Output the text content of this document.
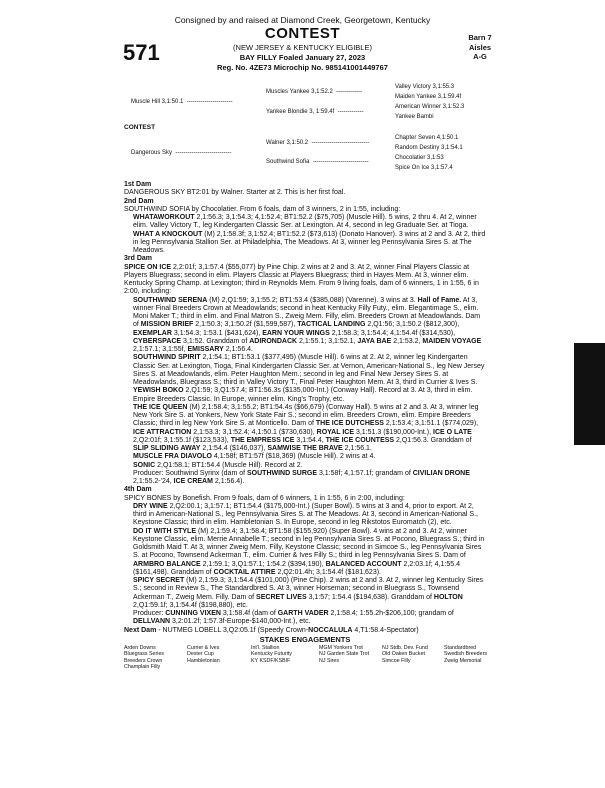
Consigned by and raised at Diamond Creek, Georgetown, Kentucky
CONTEST
571	(NEW JERSEY & KENTUCKY ELIGIBLE)
BAY FILLY Foaled January 27, 2023
Reg. No. 4ZE73 Microchip No. 985141001449767
Barn 7
Aisles
A-G
Muscle Hill 3,1:50.1  -----------------------
Muscles Yankee 3,1:52.2  -------------
Yankee Blondie 3, 1:59.4f  -------------
Valley Victory 3,1:55.3
Maiden Yankee 3,1:59.4f
American Winner 3,1:52.3
Yankee Bambi
CONTEST
Dangerous Sky  ----------------------------
Walner 3,1:50.2  -----------------------------
Southwind Sofia  ----------------------------
Chapter Seven 4,1:50.1
Random Destiny 3,1:54.1
Chocolatier 3,1:53
Spice On Ice 3,1:57.4

1st Dam

DANGEROUS SKY BT2:01 by Walner. Starter at 2. This is her first foal.

2nd Dam

SOUTHWIND SOFIA by Chocolatier. From 6 foals, dam of 3 winners, 2 in 1:55, including:

WHATAWORKOUT 2,1:56.3; 3,1:54.3; 4,1:52.4; BT1:52.2 ($75,705) (Muscle Hill). 5 wins, 2 thru 4. At 2, winner elim. Valley Victory T., leg Kindergarten Classic Ser. at Lexington. At 4, second in leg Graduate Ser. at Tioga.

WHAT A KNOCKOUT (M) 2,1:58.3f; 3,1:52.4; BT1:52.2 ($73,613) (Donato Hanover). 3 wins at 2 and 3. At 2, third in leg Pennsylvania Stallion Ser. at Philadelphia, The Meadows. At 3, winner leg Pennsylvania Sires S. at The Meadows.

3rd Dam

SPICE ON ICE 2,2:01f; 3,1:57.4 ($55,077) by Pine Chip. 2 wins at 2 and 3. At 2, winner Final Players Classic at Players Bluegrass; second in elim. Players Classic at Players Bluegrass; third in Hayes Mem. At 3, winner elim. Kentucky Spring Champ. at Lexington; third in Reynolds Mem. From 9 living foals, dam of 6 winners, 1 in 1:55, 6 in 2:00, including:

SOUTHWIND SERENA (M) 2,Q1:59; 3,1:55.2; BT1:53.4 ($385,088) (Varenne). 3 wins at 3. Hall of Fame. At 3, winner Final Breeders Crown at Meadowlands; second in heat Kentucky Filly Futy., elim. Elegantimage S., elim. Moni Maker T.; third in elim. and Final Matron S., Zweig Mem. Filly, elim. Breeders Crown at Meadowlands. Dam of MISSION BRIEF 2,1:50.3; 3,1:50.2f ($1,599,587), TACTICAL LANDING 2,Q1:56; 3,1:50.2 ($812,300), EXEMPLAR 3,1:54.3; 1:53.1 ($431,624), EARN YOUR WINGS 2,1:58.3; 3,1:54.4; 4,1:54.4f ($314,530), CYBERSPACE 3,1:52. Granddam of ADIRONDACK 2,1:55.1; 3,1:52.1, JAYA BAE 2,1:53.2, MAIDEN VOYAGE 2,1:57.1; 3,1:55f, EMISSARY 2,1:56.4.

SOUTHWIND SPIRIT 2,1:54.1; BT1:53.1 ($377,495) (Muscle Hill). 6 wins at 2. At 2, winner leg Kindergarten Classic Ser. at Lexington, Tioga, Final Kindergarten Classic Ser. at Vernon, American-National S., leg New Jersey Sires S. at Meadowlands, elim. Peter Haughton Mem.; second in leg and Final New Jersey Sires S. at Meadowlands, Bluegrass S.; third in Valley Victory T., Final Peter Haughton Mem. At 3, third in Currier & Ives S.

YEWISH BOKO 2,Q1:59; 3,Q1:57.4; BT1:56.3s ($135,000-Int.) (Conway Hall). Record at 3. At 3, third in elim. Empire Breeders Classic. In Europe, winner elim. King's Trophy, etc.

THE ICE QUEEN (M) 2,1:58.4; 3,1:55.2; BT1:54.4s ($66,679) (Conway Hall). 5 wins at 2 and 3. At 3, winner leg New York Sire S. at Yonkers, New York State Fair S.; second in elim. Breeders Crown, elim. Empire Breeders Classic; third in leg New York Sire S. at Monticello. Dam of THE ICE DUTCHESS 2,1:53.4; 3,1:51.1 ($774,029), ICE ATTRACTION 2,1:53.3; 3,1:52.4; 4,1:50.1 ($730,630), ROYAL ICE 3,1:51.3 ($190,000-Int.), ICE O LATE 2,Q2:01f; 3,1:55.1f ($123,533), THE EMPRESS ICE 3,1:54.4, THE ICE COUNTESS 2,Q1:56.3. Granddam of SLIP SLIDING AWAY 2,1:54.4 ($146,037), SAMWISE THE BRAVE 2,1:56.1.

MUSCLE FRA DIAVOLO 4,1:58f; BT1:57f ($18,369) (Muscle Hill). 2 wins at 4.

SONIC 2,Q1:58.1; BT1:54.4 (Muscle Hill). Record at 2.

Producer: Southwind Syrinx (dam of SOUTHWIND SURGE 3,1:58f; 4,1:57.1f; grandam of CIVILIAN DRONE 2,1:55.2-'24, ICE CREAM 2,1:56.4).

4th Dam

SPICY BONES by Bonefish. From 9 foals, dam of 6 winners, 1 in 1:55, 6 in 2:00, including:

DRY WINE 2,Q2:00.1; 3,1:57.1; BT1:54.4 ($175,000-Int.) (Super Bowl). 5 wins at 3 and 4, prior to export. At 2, third in American-National S., leg Pennsylvania Sires S. at The Meadows. At 3, second in American-National S., Keystone Classic; third in elim. Hambletonian S. In Europe, second in leg Rikstotos Euromatch (2), etc.

DO IT WITH STYLE (M) 2,1:59.4; 3,1:58.4; BT1:58 ($155,920) (Super Bowl). 4 wins at 2 and 3. At 2, winner Keystone Classic, elim. Merrie Annabelle T.; second in leg Pennsylvania Sires S. at Pocono, Bluegrass S.; third in Goldsmith Maid T. At 3, winner Zweig Mem. Filly, Keystone Classic; second in Simcoe S., leg Pennsylvania Sires S. at Pocono, Townsend Ackerman T., elim. Currier & Ives Filly S.; third in leg Pennsylvania Sires S. Dam of ARMBRO BALANCE 2,1:59.1; 3,Q1:57.1; 1:54.2 ($394,190), BALANCED ACCOUNT 2,2:03.1f; 4,1:55.4 ($161,498). Granddam of COCKTAIL ATTIRE 2,Q2:01.4h; 3,1:54.4f ($181,623).

SPICY SECRET (M) 2,1:59.3; 3,1:54.4 ($101,000) (Pine Chip). 2 wins at 2 and 3. At 2, winner leg Kentucky Sires S.; second in Review S., The Standardbred S. At 3, winner Horseman; second in Bluegrass S., Townsend Ackerman T., Zweig Mem. Filly. Dam of SECRET LIVES 3,1:57; 1:54.4 ($194,638). Granddam of HOLTON 2,Q1:59.1f; 3,1:54.4f ($198,880), etc.

Producer: CUNNING VIXEN 3,1:58.4f (dam of GARTH VADER 2,1:58.4; 1:55.2h-$206,100; grandam of DELLVANN 3,2:01.2f; 1:57.3f-Europe-$140,000-Int.), etc.

Next Dam - NUTMEG LOBELL 3,Q2:05.1f (Speedy Crown-NOCCALULA 4,T1:58.4-Spectator)

STAKES ENGAGEMENTS
Arden Downs	Currier & Ives	Int'l. Stallion	MGM Yonkers Trot	NJ Stdb. Dev. Fund	Standardbred
Bluegrass Series	Dexter Cup	Kentucky Futurity	NJ Garden State Trot	Old Oaken Bucket	Swedish Breeders
Breeders Crown	Hambletonian	KY KSDF/KSBIF	NJ Sires	Simcoe Filly	Zweig Memorial
Champlain Filly
